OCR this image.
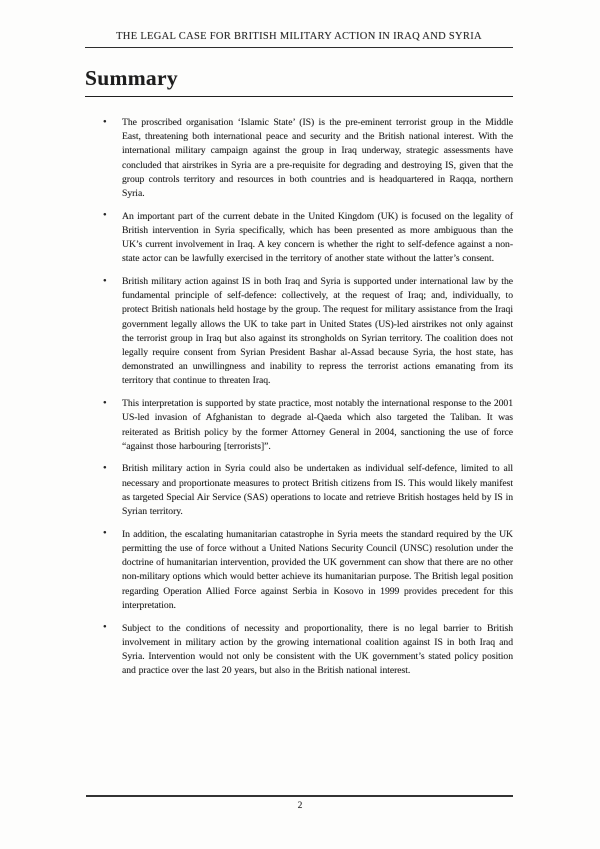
THE LEGAL CASE FOR BRITISH MILITARY ACTION IN IRAQ AND SYRIA
Summary
• The proscribed organisation ‘Islamic State’ (IS) is the pre-eminent terrorist group in the Middle East, threatening both international peace and security and the British national interest. With the international military campaign against the group in Iraq underway, strategic assessments have concluded that airstrikes in Syria are a pre-requisite for degrading and destroying IS, given that the group controls territory and resources in both countries and is headquartered in Raqqa, northern Syria.
• An important part of the current debate in the United Kingdom (UK) is focused on the legality of British intervention in Syria specifically, which has been presented as more ambiguous than the UK’s current involvement in Iraq. A key concern is whether the right to self-defence against a non-state actor can be lawfully exercised in the territory of another state without the latter’s consent.
• British military action against IS in both Iraq and Syria is supported under international law by the fundamental principle of self-defence: collectively, at the request of Iraq; and, individually, to protect British nationals held hostage by the group. The request for military assistance from the Iraqi government legally allows the UK to take part in United States (US)-led airstrikes not only against the terrorist group in Iraq but also against its strongholds on Syrian territory. The coalition does not legally require consent from Syrian President Bashar al-Assad because Syria, the host state, has demonstrated an unwillingness and inability to repress the terrorist actions emanating from its territory that continue to threaten Iraq.
• This interpretation is supported by state practice, most notably the international response to the 2001 US-led invasion of Afghanistan to degrade al-Qaeda which also targeted the Taliban. It was reiterated as British policy by the former Attorney General in 2004, sanctioning the use of force “against those harbouring [terrorists]”.
• British military action in Syria could also be undertaken as individual self-defence, limited to all necessary and proportionate measures to protect British citizens from IS. This would likely manifest as targeted Special Air Service (SAS) operations to locate and retrieve British hostages held by IS in Syrian territory.
• In addition, the escalating humanitarian catastrophe in Syria meets the standard required by the UK permitting the use of force without a United Nations Security Council (UNSC) resolution under the doctrine of humanitarian intervention, provided the UK government can show that there are no other non-military options which would better achieve its humanitarian purpose. The British legal position regarding Operation Allied Force against Serbia in Kosovo in 1999 provides precedent for this interpretation.
• Subject to the conditions of necessity and proportionality, there is no legal barrier to British involvement in military action by the growing international coalition against IS in both Iraq and Syria. Intervention would not only be consistent with the UK government’s stated policy position and practice over the last 20 years, but also in the British national interest.
2
